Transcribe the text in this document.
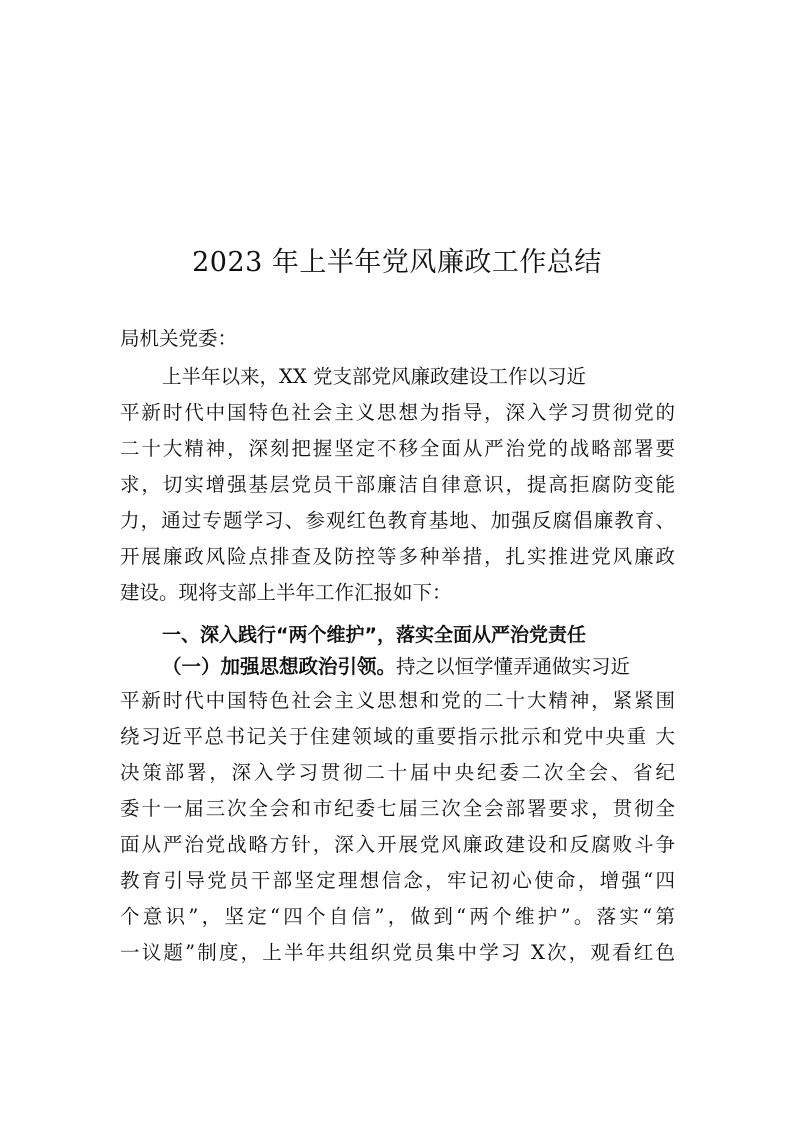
2023 年上半年党风廉政工作总结
局机关党委：
上半年以来，XX 党支部党风廉政建设工作以习近
平新时代中国特色社会主义思想为指导，深入学习贯彻党的
二十大精神，深刻把握坚定不移全面从严治党的战略部署要
求，切实增强基层党员干部廉洁自律意识，提高拒腐防变能
力，通过专题学习、参观红色教育基地、加强反腐倡廉教育、
开展廉政风险点排查及防控等多种举措，扎实推进党风廉政
建设。现将支部上半年工作汇报如下：
一、深入践行“两个维护”，落实全面从严治党责任
（一）加强思想政治引领。持之以恒学懂弄通做实习近
平新时代中国特色社会主义思想和党的二十大精神，紧紧围
绕习近平总书记关于住建领域的重要指示批示和党中央重 大
决策部署，深入学习贯彻二十届中央纪委二次全会、省纪
委十一届三次全会和市纪委七届三次全会部署要求，贯彻全
面从严治党战略方针，深入开展党风廉政建设和反腐败斗争
教育引导党员干部坚定理想信念，牢记初心使命，增强“四
个意识”，坚定“四个自信”，做到“两个维护”。落实“第
一议题”制度，上半年共组织党员集中学习 X次，观看红色
